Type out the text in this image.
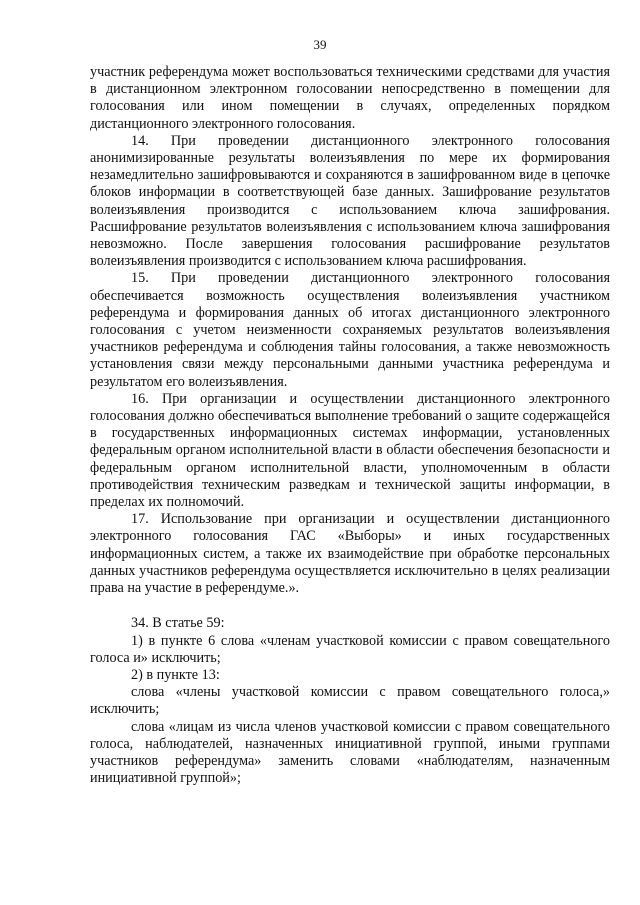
39

участник референдума может воспользоваться техническими средствами для участия в дистанционном электронном голосовании непосредственно в помещении для голосования или ином помещении в случаях, определенных порядком дистанционного электронного голосования.

14. При проведении дистанционного электронного голосования анонимизированные результаты волеизъявления по мере их формирования незамедлительно зашифровываются и сохраняются в зашифрованном виде в цепочке блоков информации в соответствующей базе данных. Зашифрование результатов волеизъявления производится с использованием ключа зашифрования. Расшифрование результатов волеизъявления с использованием ключа зашифрования невозможно. После завершения голосования расшифрование результатов волеизъявления производится с использованием ключа расшифрования.

15. При проведении дистанционного электронного голосования обеспечивается возможность осуществления волеизъявления участником референдума и формирования данных об итогах дистанционного электронного голосования с учетом неизменности сохраняемых результатов волеизъявления участников референдума и соблюдения тайны голосования, а также невозможность установления связи между персональными данными участника референдума и результатом его волеизъявления.

16. При организации и осуществлении дистанционного электронного голосования должно обеспечиваться выполнение требований о защите содержащейся в государственных информационных системах информации, установленных федеральным органом исполнительной власти в области обеспечения безопасности и федеральным органом исполнительной власти, уполномоченным в области противодействия техническим разведкам и технической защиты информации, в пределах их полномочий.

17. Использование при организации и осуществлении дистанционного электронного голосования ГАС «Выборы» и иных государственных информационных систем, а также их взаимодействие при обработке персональных данных участников референдума осуществляется исключительно в целях реализации права на участие в референдуме.».

34. В статье 59:

1) в пункте 6 слова «членам участковой комиссии с правом совещательного голоса и» исключить;

2) в пункте 13:

слова «члены участковой комиссии с правом совещательного голоса,» исключить;

слова «лицам из числа членов участковой комиссии с правом совещательного голоса, наблюдателей, назначенных инициативной группой, иными группами участников референдума» заменить словами «наблюдателям, назначенным инициативной группой»;
